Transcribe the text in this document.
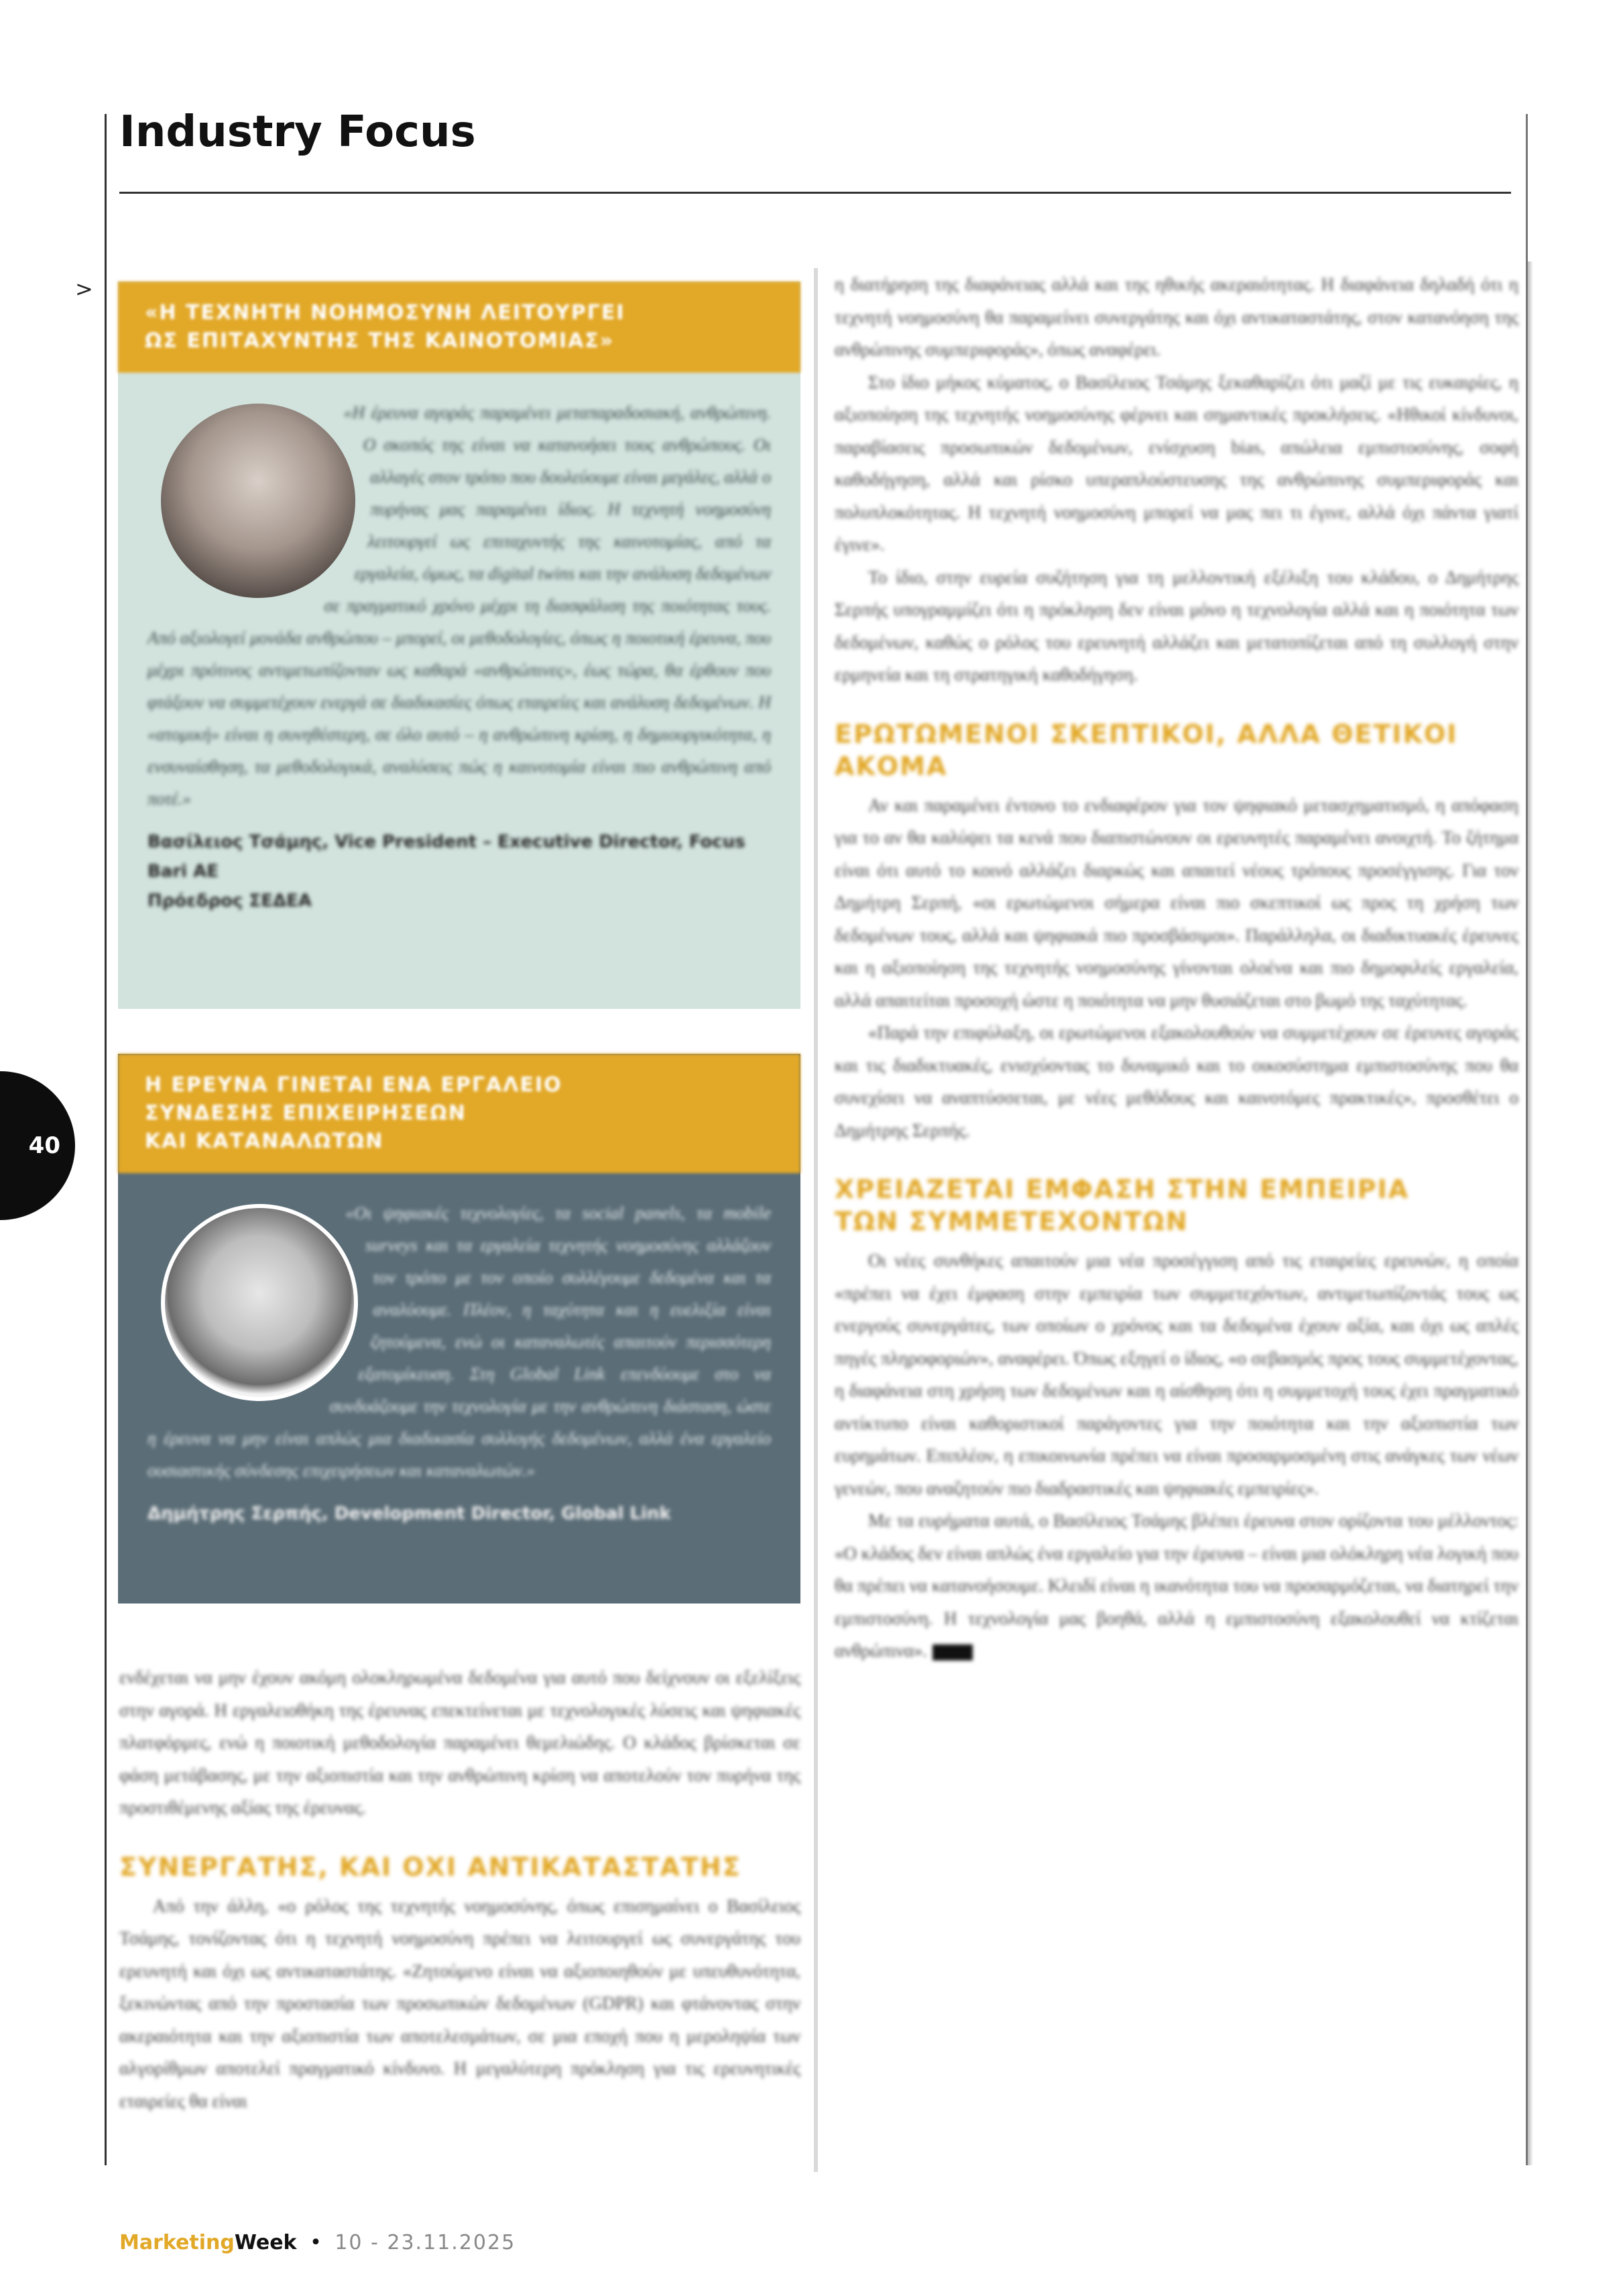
Industry Focus
>
«Η ΤΕΧΝΗΤΗ ΝΟΗΜΟΣΥΝΗ ΛΕΙΤΟΥΡΓΕΙ
ΩΣ ΕΠΙΤΑΧΥΝΤΗΣ ΤΗΣ ΚΑΙΝΟΤΟΜΙΑΣ»
«Η έρευνα αγοράς παραμένει μεταπαραδοσιακή, ανθρώπινη. Ο σκοπός της είναι να κατανοήσει τους ανθρώπους. Οι αλλαγές στον τρόπο που δουλεύουμε είναι μεγάλες, αλλά ο πυρήνας μας παραμένει ίδιος. Η τεχνητή νοημοσύνη λειτουργεί ως επιταχυντής της καινοτομίας, από τα εργαλεία, όμως, τα digital twins και την ανάλυση δεδομένων σε πραγματικό χρόνο μέχρι τη διασφάλιση της ποιότητας τους. Από αξιολογεί μονάδα ανθρώπου – μπορεί, οι μεθοδολογίες, όπως η ποιοτική έρευνα, που μέχρι πρότινος αντιμετωπίζονταν ως καθαρά «ανθρώπινες», έως τώρα, θα έρθουν που φτάξουν να συμμετέχουν ενεργά σε διαδικασίες όπως εταιρείες και ανάλυση δεδομένων. Η «ατομική» είναι η συνηθέστερη, σε όλο αυτό – η ανθρώπινη κρίση, η δημιουργικότητα, η ενσυναίσθηση, τα μεθοδολογικά, αναλύσεις πώς η καινοτομία είναι πιο ανθρώπινη από ποτέ.»
Βασίλειος Τσάμης, Vice President – Executive Director, Focus Bari AE
Πρόεδρος ΣΕΔΕΑ
Η ΕΡΕΥΝΑ ΓΙΝΕΤΑΙ ΕΝΑ ΕΡΓΑΛΕΙΟ
ΣΥΝΔΕΣΗΣ ΕΠΙΧΕΙΡΗΣΕΩΝ
ΚΑΙ ΚΑΤΑΝΑΛΩΤΩΝ
«Οι ψηφιακές τεχνολογίες, τα social panels, τα mobile surveys και τα εργαλεία τεχνητής νοημοσύνης αλλάζουν τον τρόπο με τον οποίο συλλέγουμε δεδομένα και τα αναλύουμε. Πλέον, η ταχύτητα και η ευελιξία είναι ζητούμενα, ενώ οι καταναλωτές απαιτούν περισσότερη εξατομίκευση. Στη Global Link επενδύουμε στο να συνδυάζουμε την τεχνολογία με την ανθρώπινη διάσταση, ώστε η έρευνα να μην είναι απλώς μια διαδικασία συλλογής δεδομένων, αλλά ένα εργαλείο ουσιαστικής σύνδεσης επιχειρήσεων και καταναλωτών.»
Δημήτρης Σερπής, Development Director, Global Link

ενδέχεται να μην έχουν ακόμη ολοκληρωμένα δεδομένα για αυτό που δείχνουν οι εξελίξεις στην αγορά. Η εργαλειοθήκη της έρευνας επεκτείνεται με τεχνολογικές λύσεις και ψηφιακές πλατφόρμες, ενώ η ποιοτική μεθοδολογία παραμένει θεμελιώδης. Ο κλάδος βρίσκεται σε φάση μετάβασης, με την αξιοπιστία και την ανθρώπινη κρίση να αποτελούν τον πυρήνα της προστιθέμενης αξίας της έρευνας.

ΣΥΝΕΡΓΑΤΗΣ, ΚΑΙ ΟΧΙ ΑΝΤΙΚΑΤΑΣΤΑΤΗΣ

Από την άλλη, «ο ρόλος της τεχνητής νοημοσύνης, όπως επισημαίνει ο Βασίλειος Τσάμης, τονίζοντας ότι η τεχνητή νοημοσύνη πρέπει να λειτουργεί ως συνεργάτης του ερευνητή και όχι ως αντικαταστάτης. «Ζητούμενο είναι να αξιοποιηθούν με υπευθυνότητα, ξεκινώντας από την προστασία των προσωπικών δεδομένων (GDPR) και φτάνοντας στην ακεραιότητα και την αξιοπιστία των αποτελεσμάτων, σε μια εποχή που η μεροληψία των αλγορίθμων αποτελεί πραγματικό κίνδυνο. Η μεγαλύτερη πρόκληση για τις ερευνητικές εταιρείες θα είναι

η διατήρηση της διαφάνειας αλλά και της ηθικής ακεραιότητας. Η διαφάνεια δηλαδή ότι η τεχνητή νοημοσύνη θα παραμείνει συνεργάτης και όχι αντικαταστάτης, στον κατανόηση της ανθρώπινης συμπεριφοράς», όπως αναφέρει.

Στο ίδιο μήκος κύματος, ο Βασίλειος Τσάμης ξεκαθαρίζει ότι μαζί με τις ευκαιρίες, η αξιοποίηση της τεχνητής νοημοσύνης φέρνει και σημαντικές προκλήσεις. «Ηθικοί κίνδυνοι, παραβίασεις προσωπικών δεδομένων, ενίσχυση bias, απώλεια εμπιστοσύνης, σοφή καθοδήγηση, αλλά και ρίσκο υπεραπλούστευσης της ανθρώπινης συμπεριφοράς και πολυπλοκότητας. Η τεχνητή νοημοσύνη μπορεί να μας πει τι έγινε, αλλά όχι πάντα γιατί έγινε».

Το ίδιο, στην ευρεία συζήτηση για τη μελλοντική εξέλιξη του κλάδου, ο Δημήτρης Σερπής υπογραμμίζει ότι η πρόκληση δεν είναι μόνο η τεχνολογία αλλά και η ποιότητα των δεδομένων, καθώς ο ρόλος του ερευνητή αλλάζει και μετατοπίζεται από τη συλλογή στην ερμηνεία και τη στρατηγική καθοδήγηση.

ΕΡΩΤΩΜΕΝΟΙ ΣΚΕΠΤΙΚΟΙ, ΑΛΛΑ ΘΕΤΙΚΟΙ
ΑΚΟΜΑ

Αν και παραμένει έντονο το ενδιαφέρον για τον ψηφιακό μετασχηματισμό, η απόφαση για το αν θα καλύψει τα κενά που διαπιστώνουν οι ερευνητές παραμένει ανοιχτή. Το ζήτημα είναι ότι αυτό το κοινό αλλάζει διαρκώς και απαιτεί νέους τρόπους προσέγγισης. Για τον Δημήτρη Σερπή, «οι ερωτώμενοι σήμερα είναι πιο σκεπτικοί ως προς τη χρήση των δεδομένων τους, αλλά και ψηφιακά πιο προσβάσιμοι». Παράλληλα, οι διαδικτυακές έρευνες και η αξιοποίηση της τεχνητής νοημοσύνης γίνονται ολοένα και πιο δημοφιλείς εργαλεία, αλλά απαιτείται προσοχή ώστε η ποιότητα να μην θυσιάζεται στο βωμό της ταχύτητας.

«Παρά την επιφύλαξη, οι ερωτώμενοι εξακολουθούν να συμμετέχουν σε έρευνες αγοράς και τις διαδικτυακές, ενισχύοντας το δυναμικό και το οικοσύστημα εμπιστοσύνης που θα συνεχίσει να αναπτύσσεται, με νέες μεθόδους και καινοτόμες πρακτικές», προσθέτει ο Δημήτρης Σερπής.

ΧΡΕΙΑΖΕΤΑΙ ΕΜΦΑΣΗ ΣΤΗΝ ΕΜΠΕΙΡΙΑ
ΤΩΝ ΣΥΜΜΕΤΕΧΟΝΤΩΝ

Οι νέες συνθήκες απαιτούν μια νέα προσέγγιση από τις εταιρείες ερευνών, η οποία «πρέπει να έχει έμφαση στην εμπειρία των συμμετεχόντων, αντιμετωπίζοντάς τους ως ενεργούς συνεργάτες, των οποίων ο χρόνος και τα δεδομένα έχουν αξία, και όχι ως απλές πηγές πληροφοριών», αναφέρει. Όπως εξηγεί ο ίδιος, «ο σεβασμός προς τους συμμετέχοντας, η διαφάνεια στη χρήση των δεδομένων και η αίσθηση ότι η συμμετοχή τους έχει πραγματικό αντίκτυπο είναι καθοριστικοί παράγοντες για την ποιότητα και την αξιοπιστία των ευρημάτων. Επιπλέον, η επικοινωνία πρέπει να είναι προσαρμοσμένη στις ανάγκες των νέων γενεών, που αναζητούν πιο διαδραστικές και ψηφιακές εμπειρίες».

Με τα ευρήματα αυτά, ο Βασίλειος Τσάμης βλέπει έρευνα στον ορίζοντα του μέλλοντος: «Ο κλάδος δεν είναι απλώς ένα εργαλείο για την έρευνα – είναι μια ολόκληρη νέα λογική που θα πρέπει να κατανοήσουμε. Κλειδί είναι η ικανότητα του να προσαρμόζεται, να διατηρεί την εμπιστοσύνη. Η τεχνολογία μας βοηθά, αλλά η εμπιστοσύνη εξακολουθεί να κτίζεται ανθρώπινα».

40
MarketingWeek • 10 - 23.11.2025
